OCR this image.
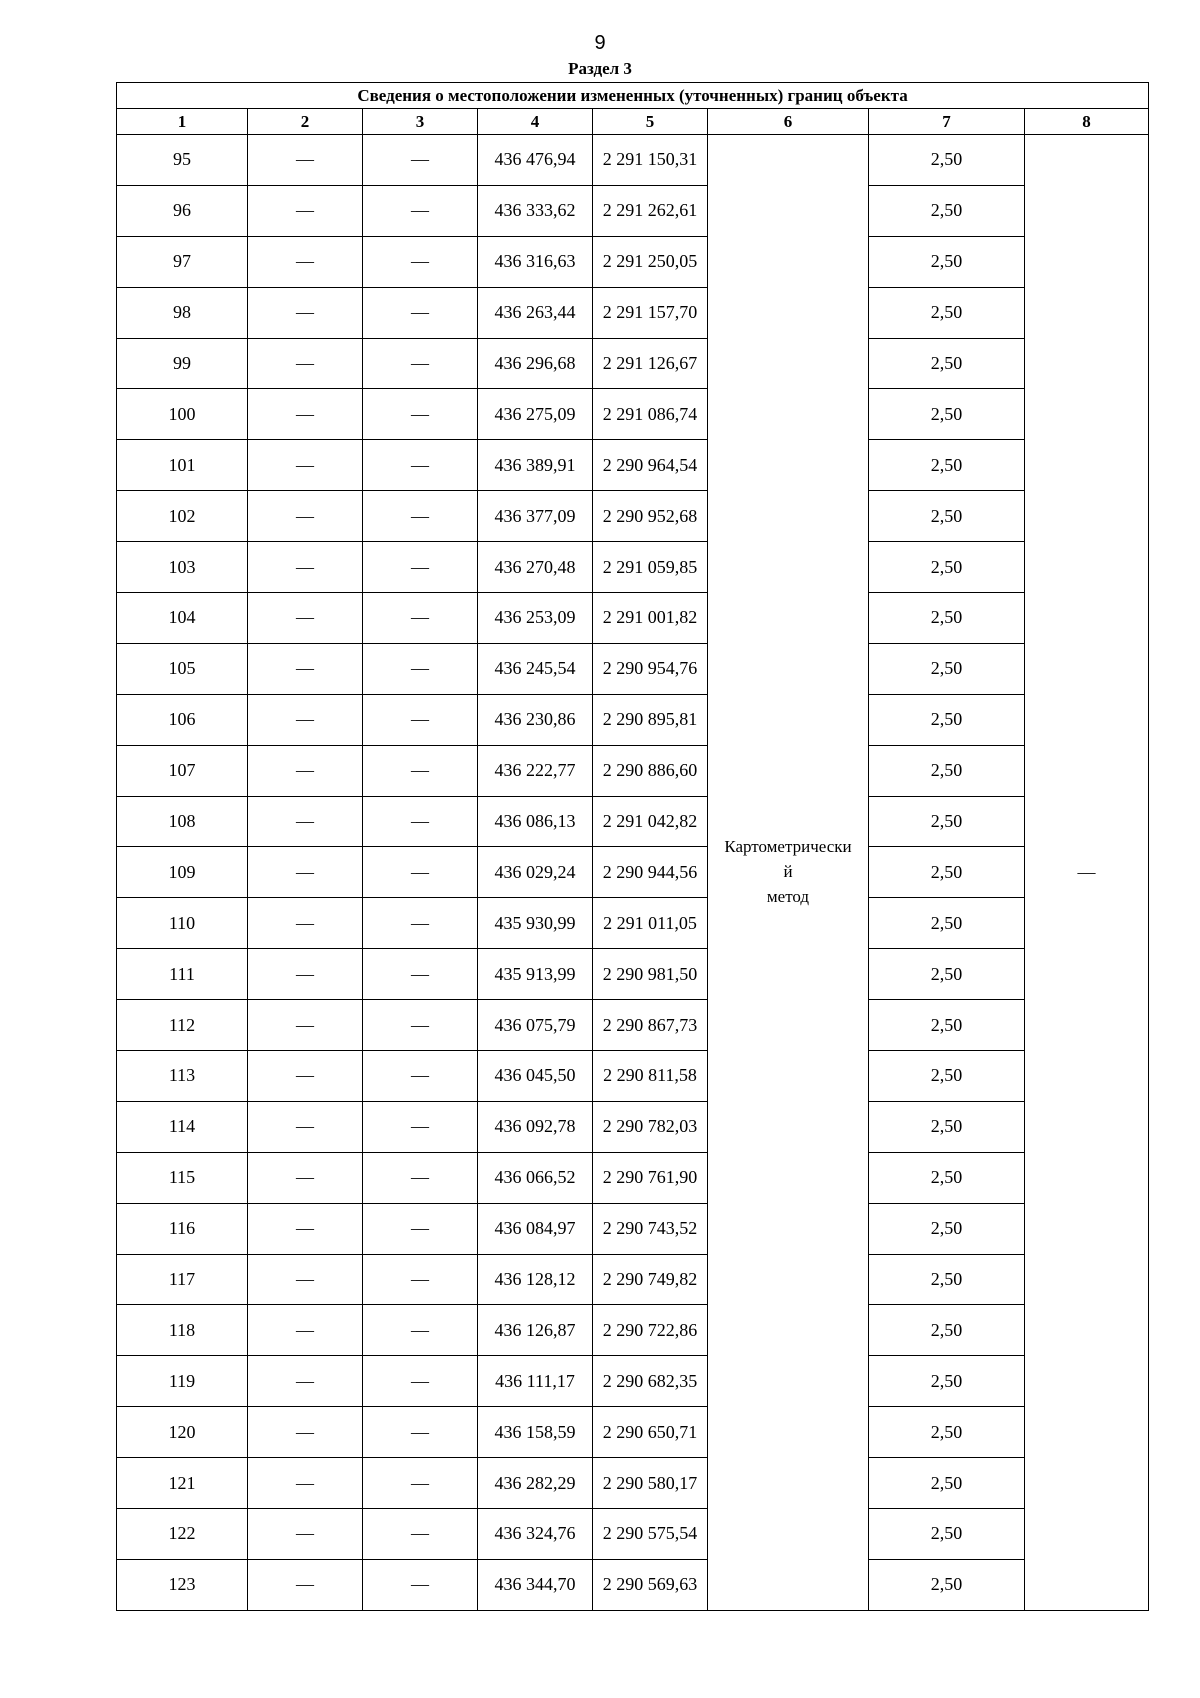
9
Раздел 3
Сведения о местоположении измененных (уточненных) границ объекта							
1	2	3	4	5	6	7	8
95	—	—	436 476,94	2 291 150,31	Картометрически
й
метод	2,50	—
96	—	—	436 333,62	2 291 262,61		2,50	
97	—	—	436 316,63	2 291 250,05		2,50	
98	—	—	436 263,44	2 291 157,70		2,50	
99	—	—	436 296,68	2 291 126,67		2,50	
100	—	—	436 275,09	2 291 086,74		2,50	
101	—	—	436 389,91	2 290 964,54		2,50	
102	—	—	436 377,09	2 290 952,68		2,50	
103	—	—	436 270,48	2 291 059,85		2,50	
104	—	—	436 253,09	2 291 001,82		2,50	
105	—	—	436 245,54	2 290 954,76		2,50	
106	—	—	436 230,86	2 290 895,81		2,50	
107	—	—	436 222,77	2 290 886,60		2,50	
108	—	—	436 086,13	2 291 042,82		2,50	
109	—	—	436 029,24	2 290 944,56		2,50	
110	—	—	435 930,99	2 291 011,05		2,50	
111	—	—	435 913,99	2 290 981,50		2,50	
112	—	—	436 075,79	2 290 867,73		2,50	
113	—	—	436 045,50	2 290 811,58		2,50	
114	—	—	436 092,78	2 290 782,03		2,50	
115	—	—	436 066,52	2 290 761,90		2,50	
116	—	—	436 084,97	2 290 743,52		2,50	
117	—	—	436 128,12	2 290 749,82		2,50	
118	—	—	436 126,87	2 290 722,86		2,50	
119	—	—	436 111,17	2 290 682,35		2,50	
120	—	—	436 158,59	2 290 650,71		2,50	
121	—	—	436 282,29	2 290 580,17		2,50	
122	—	—	436 324,76	2 290 575,54		2,50	
123	—	—	436 344,70	2 290 569,63		2,50	
